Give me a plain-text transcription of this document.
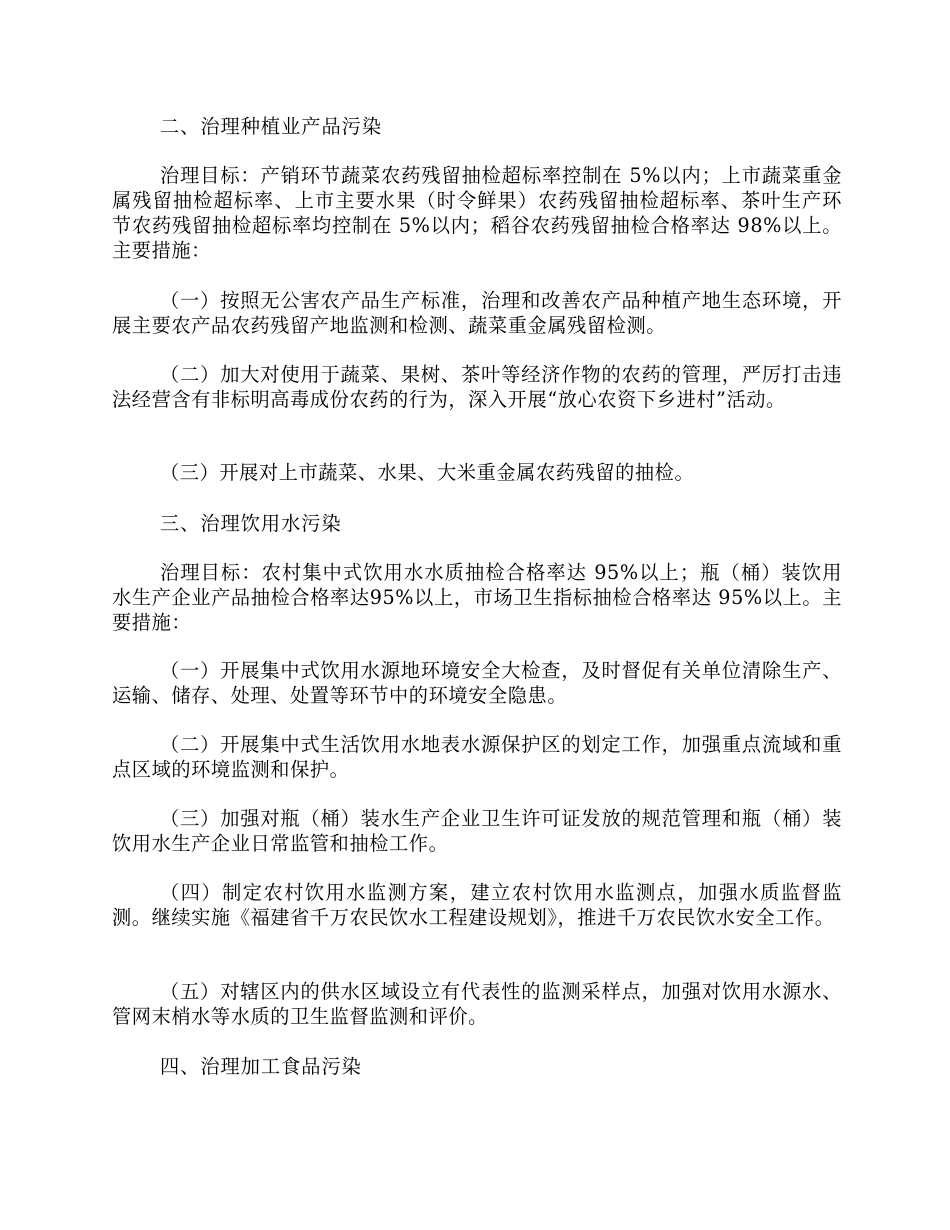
二、治理种植业产品污染

治理目标：产销环节蔬菜农药残留抽检超标率控制在 5%以内；上市蔬菜重金属残留抽检超标率、上市主要水果（时令鲜果）农药残留抽检超标率、茶叶生产环节农药残留抽检超标率均控制在 5%以内；稻谷农药残留抽检合格率达 98%以上。主要措施：

（一）按照无公害农产品生产标准，治理和改善农产品种植产地生态环境，开展主要农产品农药残留产地监测和检测、蔬菜重金属残留检测。

（二）加大对使用于蔬菜、果树、茶叶等经济作物的农药的管理，严厉打击违法经营含有非标明高毒成份农药的行为，深入开展“放心农资下乡进村”活动。

（三）开展对上市蔬菜、水果、大米重金属农药残留的抽检。

三、治理饮用水污染

治理目标：农村集中式饮用水水质抽检合格率达 95%以上；瓶（桶）装饮用水生产企业产品抽检合格率达95%以上，市场卫生指标抽检合格率达 95%以上。主要措施：

（一）开展集中式饮用水源地环境安全大检查，及时督促有关单位清除生产、运输、储存、处理、处置等环节中的环境安全隐患。

（二）开展集中式生活饮用水地表水源保护区的划定工作，加强重点流域和重点区域的环境监测和保护。

（三）加强对瓶（桶）装水生产企业卫生许可证发放的规范管理和瓶（桶）装饮用水生产企业日常监管和抽检工作。

（四）制定农村饮用水监测方案，建立农村饮用水监测点，加强水质监督监测。继续实施《福建省千万农民饮水工程建设规划》，推进千万农民饮水安全工作。

（五）对辖区内的供水区域设立有代表性的监测采样点，加强对饮用水源水、管网末梢水等水质的卫生监督监测和评价。

四、治理加工食品污染
